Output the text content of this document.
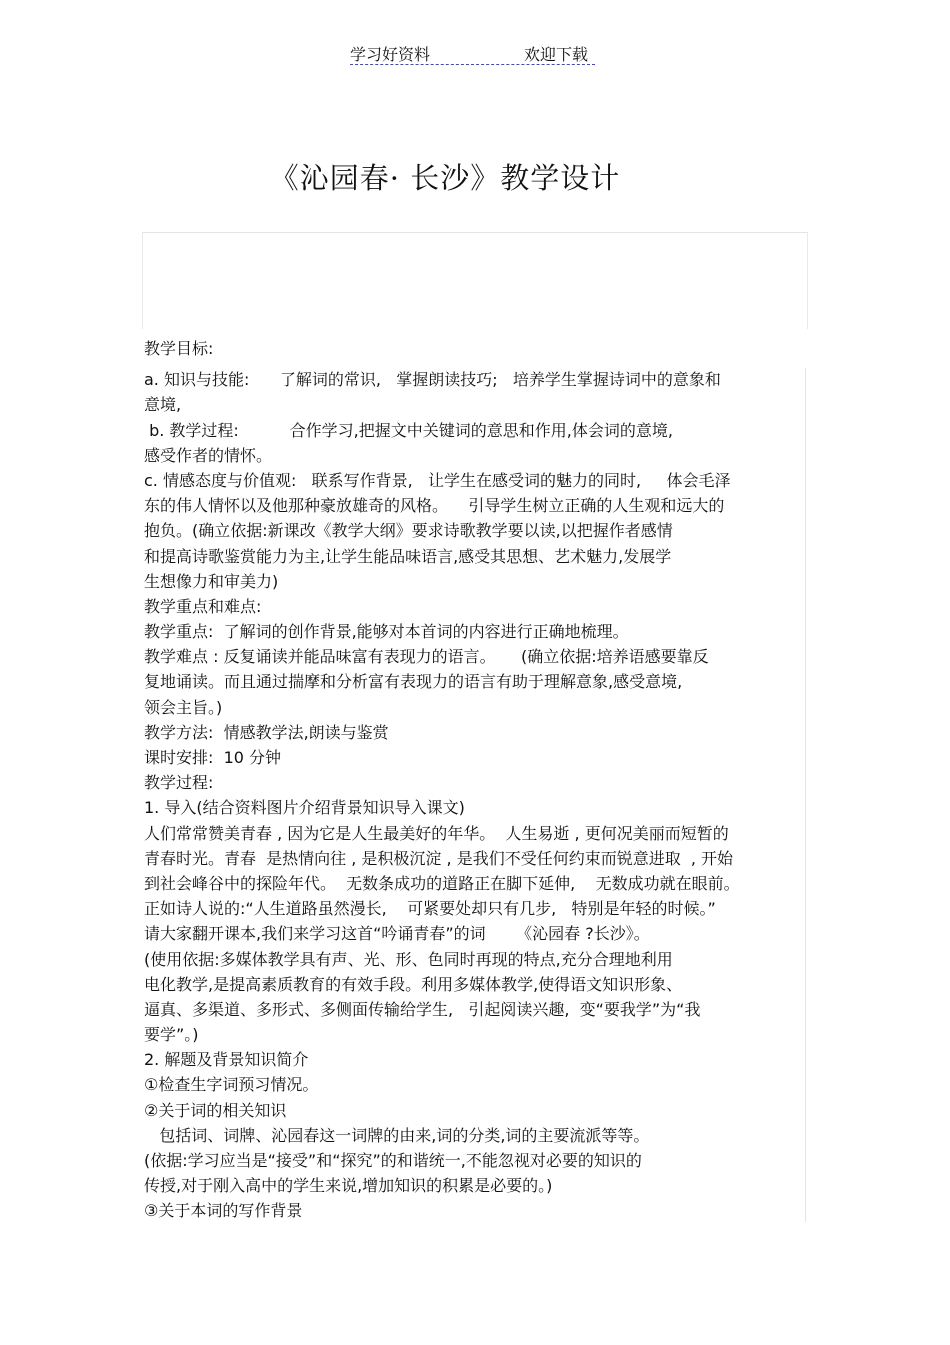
学习好资料	欢迎下载
《沁园春· 长沙》教学设计
教学目标:
a. 知识与技能:      了解词的常识,   掌握朗读技巧;   培养学生掌握诗词中的意象和
意境,
b. 教学过程:          合作学习,把握文中关键词的意思和作用,体会词的意境,
感受作者的情怀。
c. 情感态度与价值观:   联系写作背景,   让学生在感受词的魅力的同时,     体会毛泽
东的伟人情怀以及他那种豪放雄奇的风格。    引导学生树立正确的人生观和远大的
抱负。(确立依据:新课改《教学大纲》要求诗歌教学要以读,以把握作者感情
和提高诗歌鉴赏能力为主,让学生能品味语言,感受其思想、艺术魅力,发展学
生想像力和审美力)
教学重点和难点:
教学重点:  了解词的创作背景,能够对本首词的内容进行正确地梳理。
教学难点 : 反复诵读并能品味富有表现力的语言。     (确立依据:培养语感要靠反
复地诵读。而且通过揣摩和分析富有表现力的语言有助于理解意象,感受意境,
领会主旨。)
教学方法:  情感教学法,朗读与鉴赏
课时安排:  10 分钟
教学过程:
1. 导入(结合资料图片介绍背景知识导入课文)
人们常常赞美青春 , 因为它是人生最美好的年华。  人生易逝 , 更何况美丽而短暂的
青春时光。青春  是热情向往 , 是积极沉淀 , 是我们不受任何约束而锐意进取  , 开始
到社会峰谷中的探险年代。  无数条成功的道路正在脚下延伸,    无数成功就在眼前。
正如诗人说的:“人生道路虽然漫长,    可紧要处却只有几步,   特别是年轻的时候。”
请大家翻开课本,我们来学习这首“吟诵青春”的词      《沁园春 ?长沙》。
(使用依据:多媒体教学具有声、光、形、色同时再现的特点,充分合理地利用
电化教学,是提高素质教育的有效手段。利用多媒体教学,使得语文知识形象、
逼真、多渠道、多形式、多侧面传输给学生,   引起阅读兴趣,  变“要我学”为“我
要学”。)
2. 解题及背景知识简介
①检查生字词预习情况。
②关于词的相关知识
包括词、词牌、沁园春这一词牌的由来,词的分类,词的主要流派等等。
(依据:学习应当是“接受”和“探究”的和谐统一,不能忽视对必要的知识的
传授,对于刚入高中的学生来说,增加知识的积累是必要的。)
③关于本词的写作背景
